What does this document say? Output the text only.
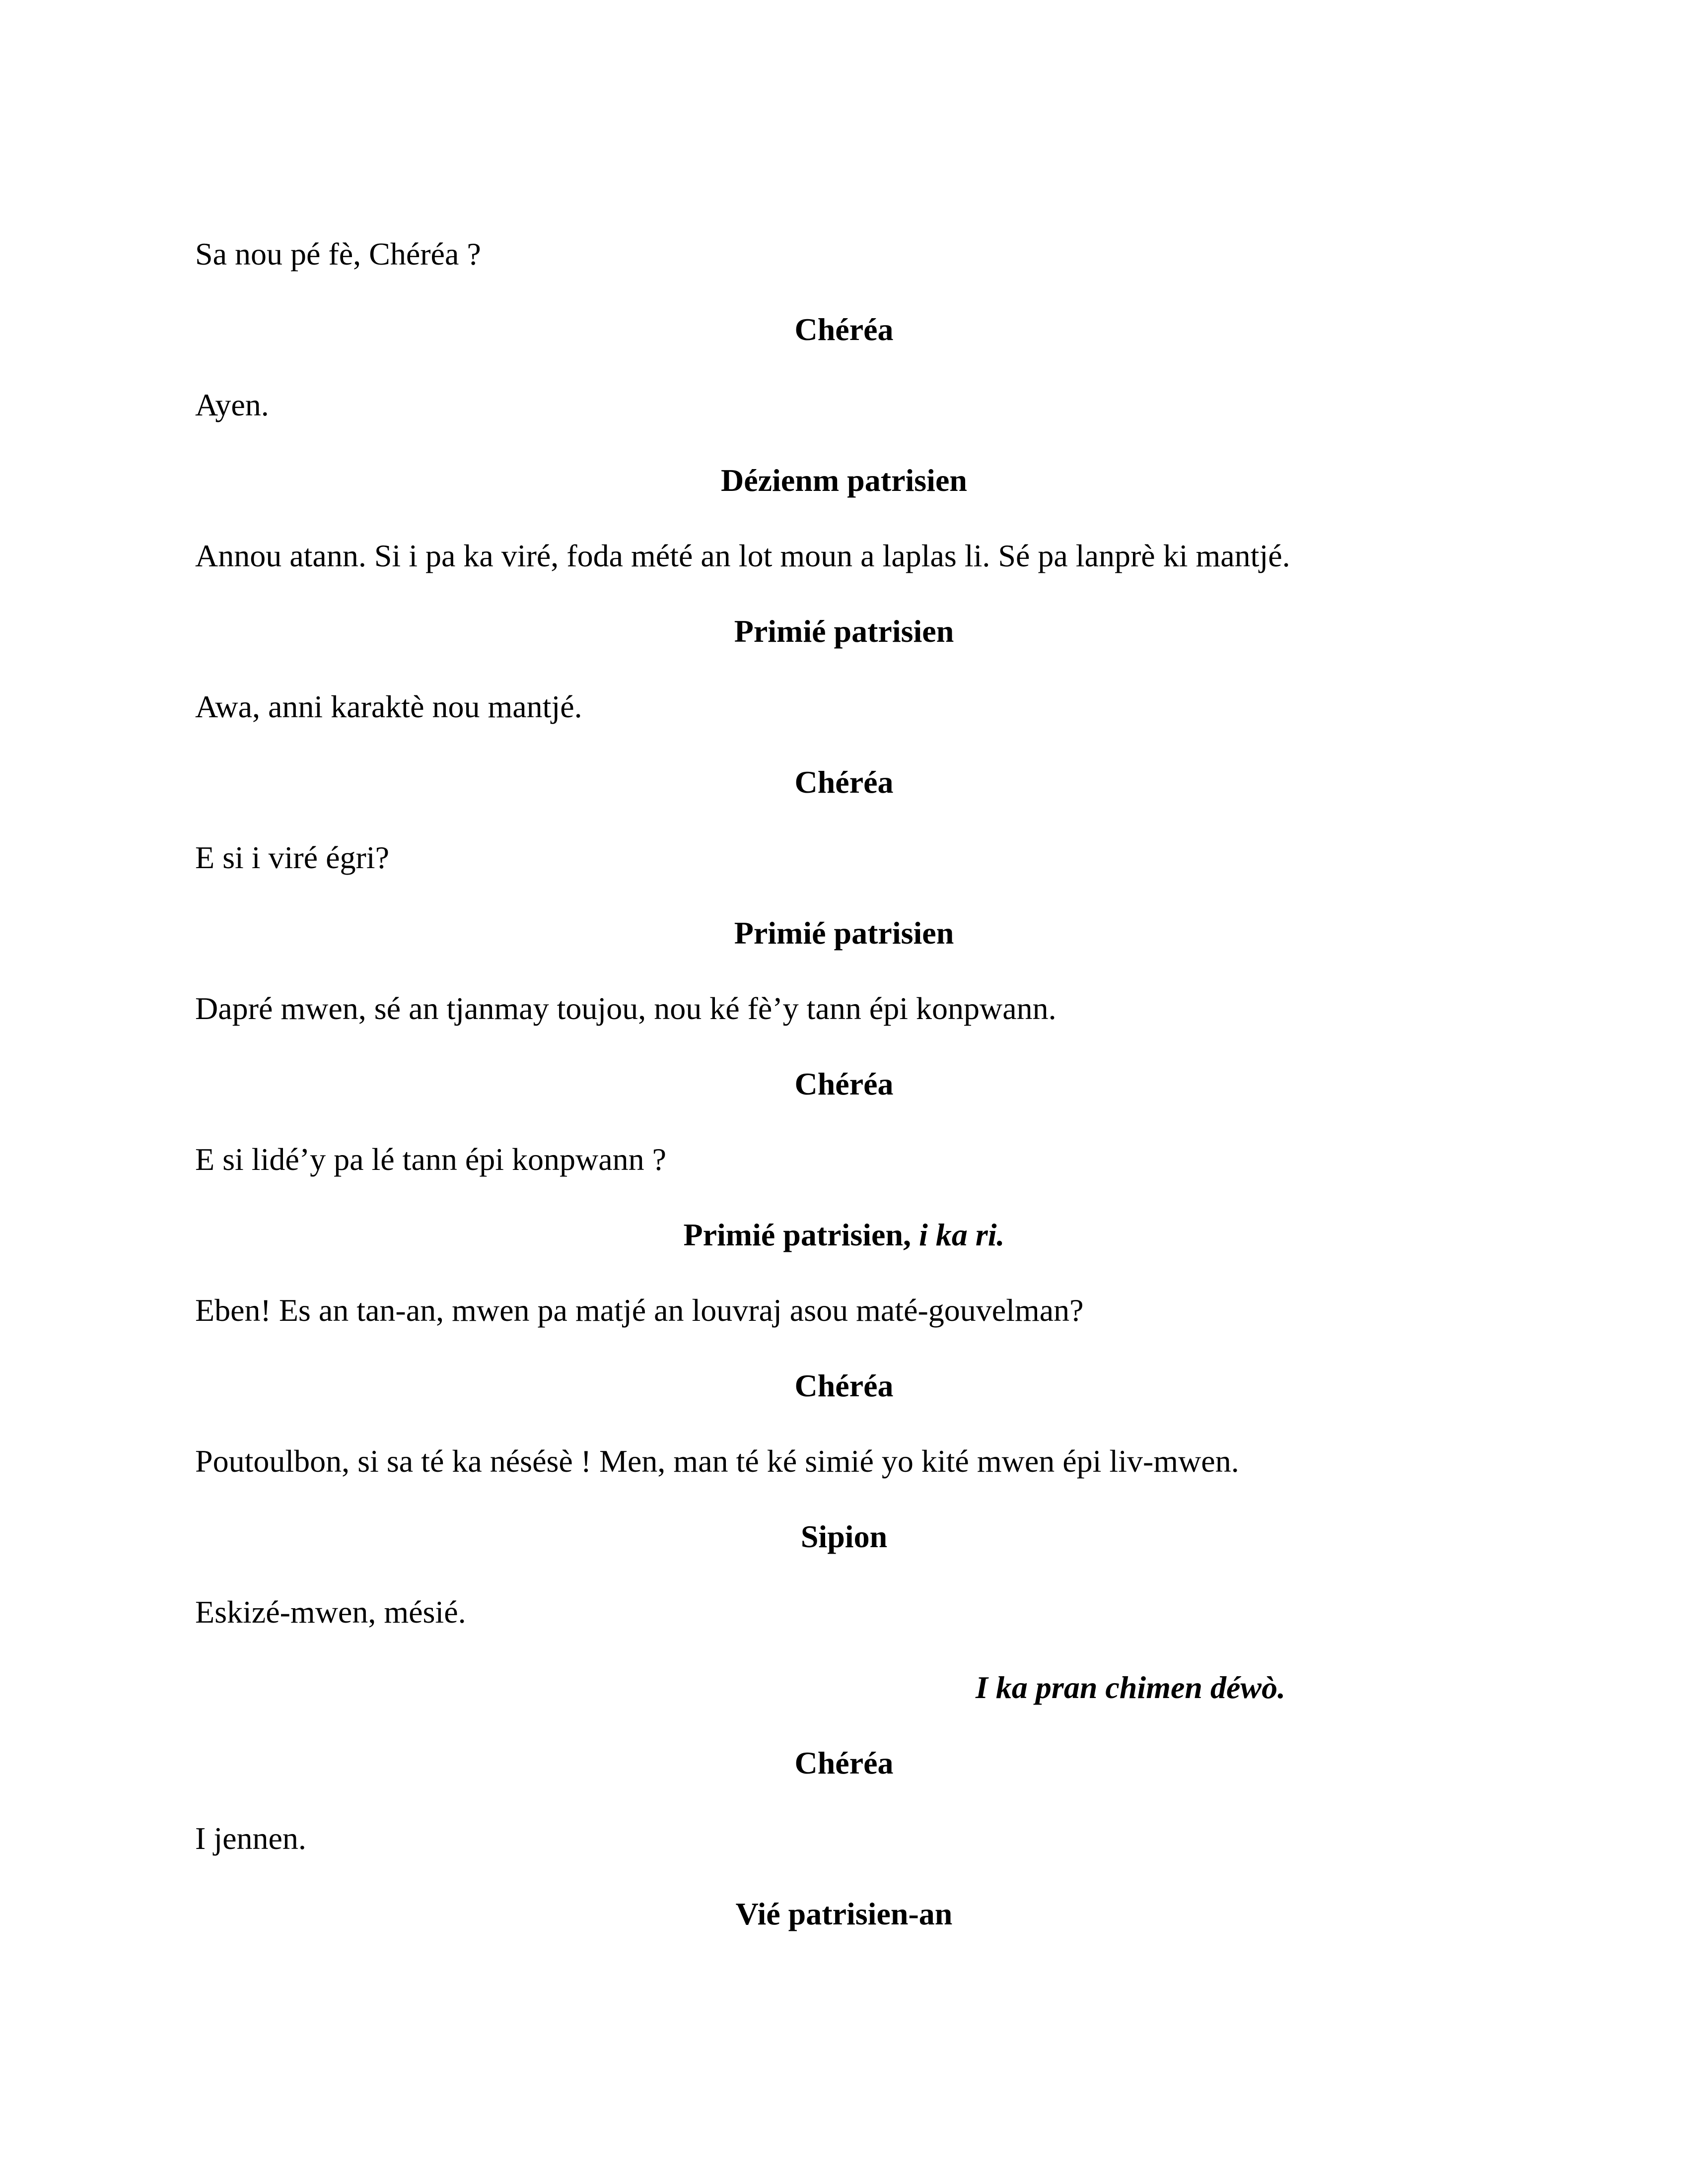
Sa nou pé fè, Chéréa ?
Chéréa
Ayen.
Dézienm patrisien
Annou atann. Si i pa ka viré, foda mété an lot moun a laplas li. Sé pa lanprè ki mantjé.
Primié patrisien
Awa, anni karaktè nou mantjé.
Chéréa
E si i viré égri?
Primié patrisien
Dapré mwen, sé an tjanmay toujou, nou ké fè’y tann épi konpwann.
Chéréa
E si lidé’y pa lé tann épi konpwann ?
Primié patrisien, i ka ri.
Eben! Es an tan-an, mwen pa matjé an louvraj asou maté-gouvelman?
Chéréa
Poutoulbon, si sa té ka nésésè ! Men, man té ké simié yo kité mwen épi liv-mwen.
Sipion
Eskizé-mwen, mésié.
I ka pran chimen déwò.
Chéréa
I jennen.
Vié patrisien-an
